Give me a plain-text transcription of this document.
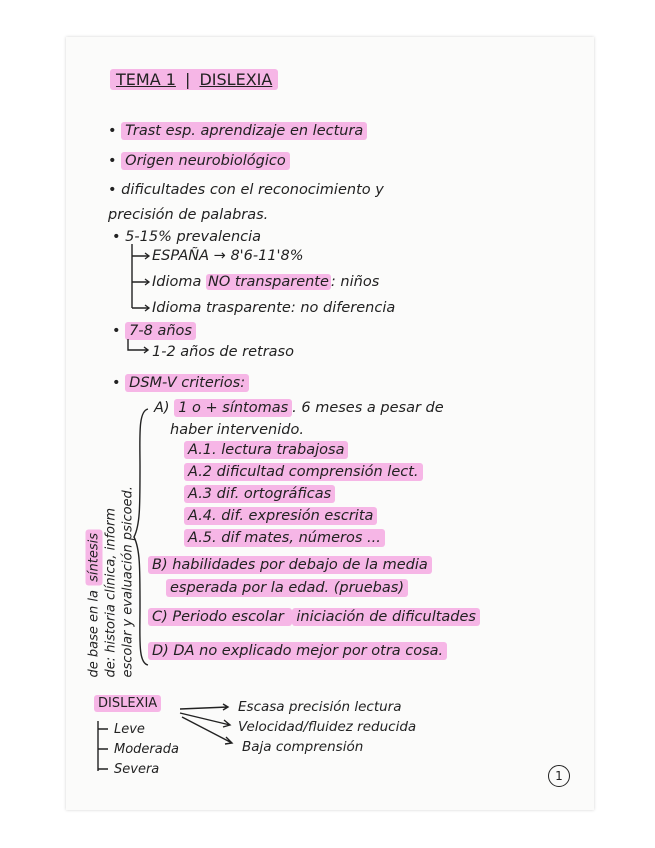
TEMA 1 | DISLEXIA
• Trast esp. aprendizaje en lectura
• Origen neurobiológico
• dificultades con el reconocimiento y
precisión de palabras.
• 5-15% prevalencia
ESPAÑA → 8'6-11'8%
Idioma NO transparente : niños
Idioma trasparente: no diferencia
• 7-8 años
1-2 años de retraso
• DSM-V criterios:
de base en la síntesis de: historia clínica, inform escolar y evaluación psicoed.
A) 1 o + síntomas . 6 meses a pesar de
haber intervenido.
A.1. lectura trabajosa
A.2 dificultad comprensión lect.
A.3 dif. ortográficas
A.4. dif. expresión escrita
A.5. dif mates, números ...
B) habilidades por debajo de la media
esperada por la edad. (pruebas)
C) Periodo escolar iniciación de dificultades
D) DA no explicado mejor por otra cosa.
DISLEXIA
Leve
Moderada
Severa
Escasa precisión lectura
Velocidad/fluidez reducida
Baja comprensión
1
